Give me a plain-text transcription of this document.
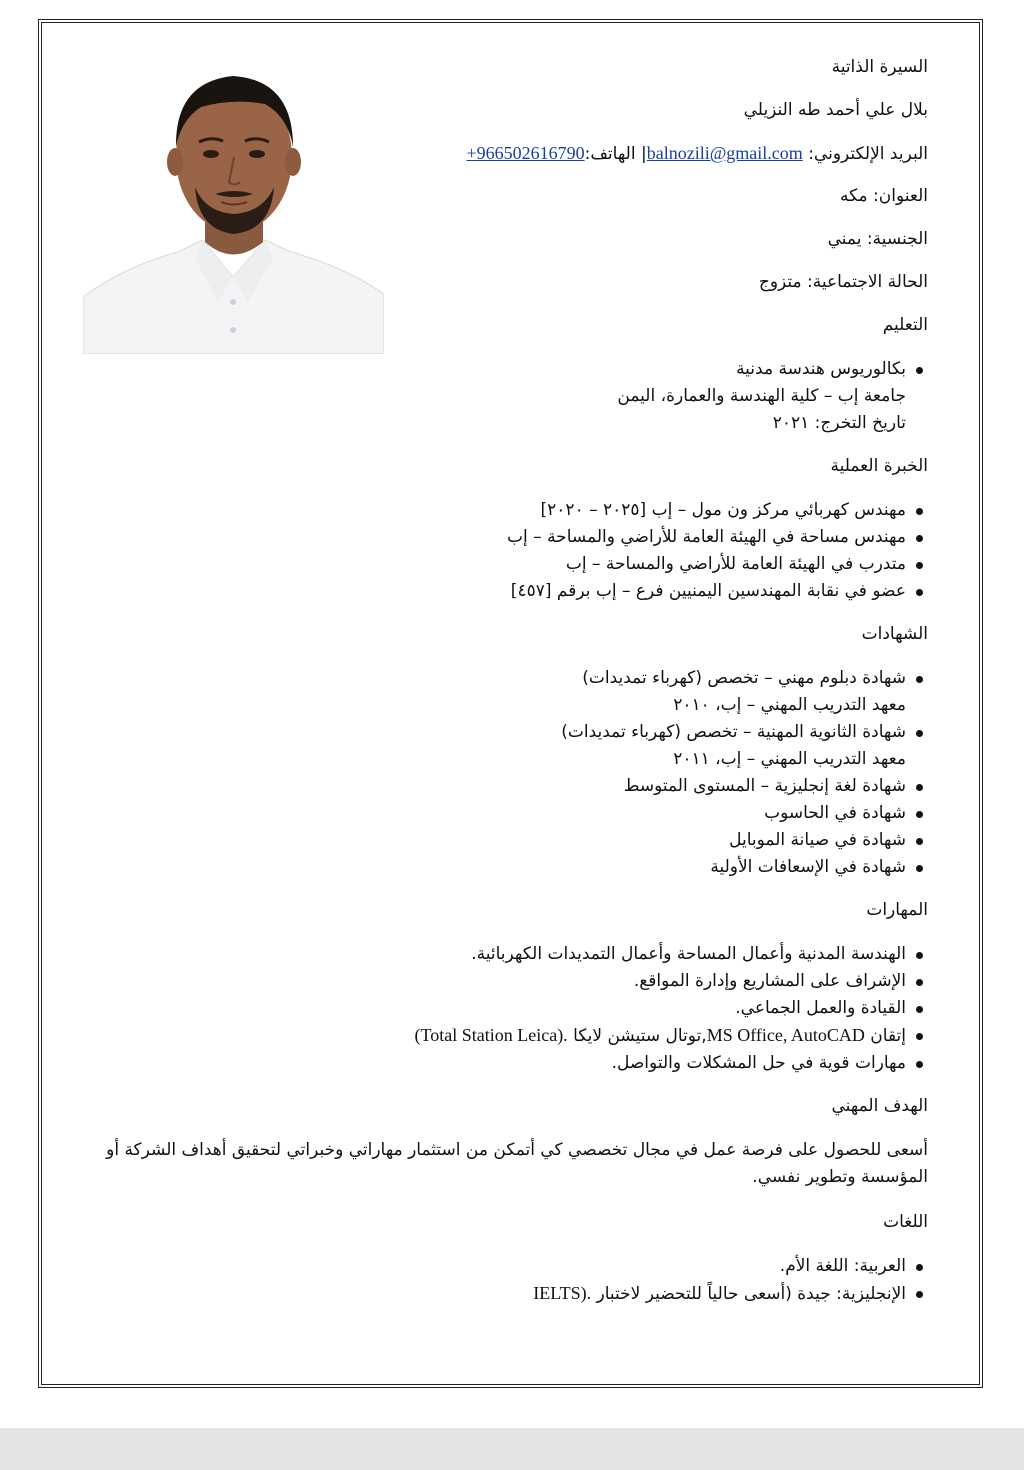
السيرة الذاتية

بلال علي أحمد طه النزيلي

البريد الإلكتروني: balnozili@gmail.com| الهاتف:+966502616790

العنوان: مكه

الجنسية: يمني

الحالة الاجتماعية: متزوج

التعليم

بكالوريوس هندسة مدنية
جامعة إب – كلية الهندسة والعمارة، اليمن
تاريخ التخرج: ٢٠٢١

الخبرة العملية

مهندس كهربائي مركز ون مول – إب [٢٠٢٥ – ٢٠٢٠]
مهندس مساحة في الهيئة العامة للأراضي والمساحة – إب
متدرب في الهيئة العامة للأراضي والمساحة – إب
عضو في نقابة المهندسين اليمنيين فرع – إب برقم [٤٥٧]

الشهادات

شهادة دبلوم مهني – تخصص (كهرباء تمديدات)
معهد التدريب المهني – إب، ٢٠١٠
شهادة الثانوية المهنية – تخصص (كهرباء تمديدات)
معهد التدريب المهني – إب، ٢٠١١
شهادة لغة إنجليزية – المستوى المتوسط
شهادة في الحاسوب
شهادة في صيانة الموبايل
شهادة في الإسعافات الأولية

المهارات

الهندسة المدنية وأعمال المساحة وأعمال التمديدات الكهربائية.
الإشراف على المشاريع وإدارة المواقع.
القيادة والعمل الجماعي.
إتقان MS Office, AutoCAD,توتال ستيشن لايكا (Total Station Leica).
مهارات قوية في حل المشكلات والتواصل.

الهدف المهني

أسعى للحصول على فرصة عمل في مجال تخصصي كي أتمكن من استثمار مهاراتي وخبراتي لتحقيق أهداف الشركة أو المؤسسة وتطوير نفسي.

اللغات

العربية: اللغة الأم.
الإنجليزية: جيدة (أسعى حالياً للتحضير لاختبار IELTS).
